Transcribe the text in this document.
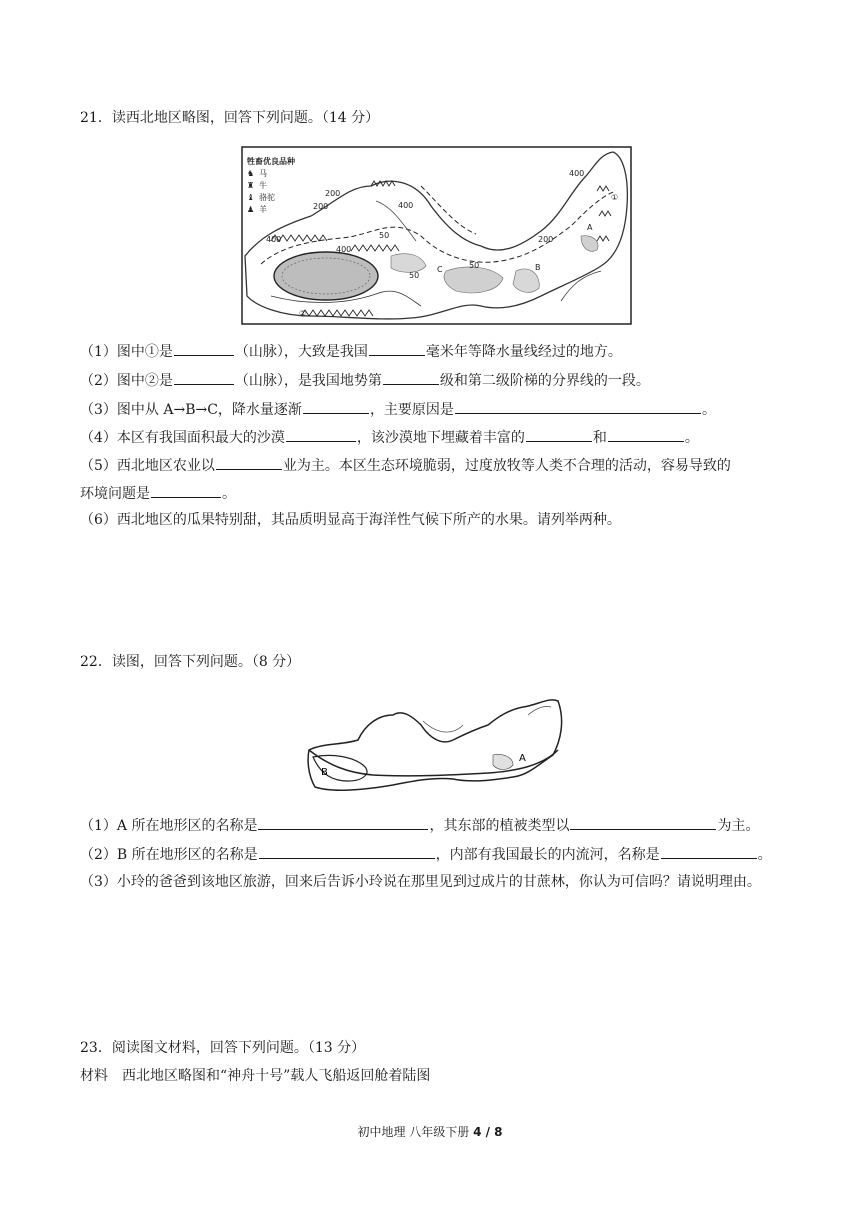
21．读西北地区略图，回答下列问题。（14 分）
牲畜优良品种
♞ 马
♜ 牛
♝ 骆驼
♟ 羊
400
200
200	400
50
400
50
50
200
400
①
②
A
B
C
（1）图中①是	（山脉），大致是我国	毫米年等降水量线经过的地方。
（2）图中②是	（山脉），是我国地势第	级和第二级阶梯的分界线的一段。
（3）图中从 A→B→C，降水量逐渐	，主要原因是	。
（4）本区有我国面积最大的沙漠	，该沙漠地下埋藏着丰富的	和	。
（5）西北地区农业以	业为主。本区生态环境脆弱，过度放牧等人类不合理的活动，容易导致的
环境问题是	。
（6）西北地区的瓜果特别甜，其品质明显高于海洋性气候下所产的水果。请列举两种。
22．读图，回答下列问题。（8 分）
B
A
（1）A 所在地形区的名称是	，其东部的植被类型以	为主。
（2）B 所在地形区的名称是	，内部有我国最长的内流河，名称是	。
（3）小玲的爸爸到该地区旅游，回来后告诉小玲说在那里见到过成片的甘蔗林，你认为可信吗？请说明理由。
23．阅读图文材料，回答下列问题。（13 分）
材料　西北地区略图和“神舟十号”载人飞船返回舱着陆图
初中地理 八年级下册 4 / 8
